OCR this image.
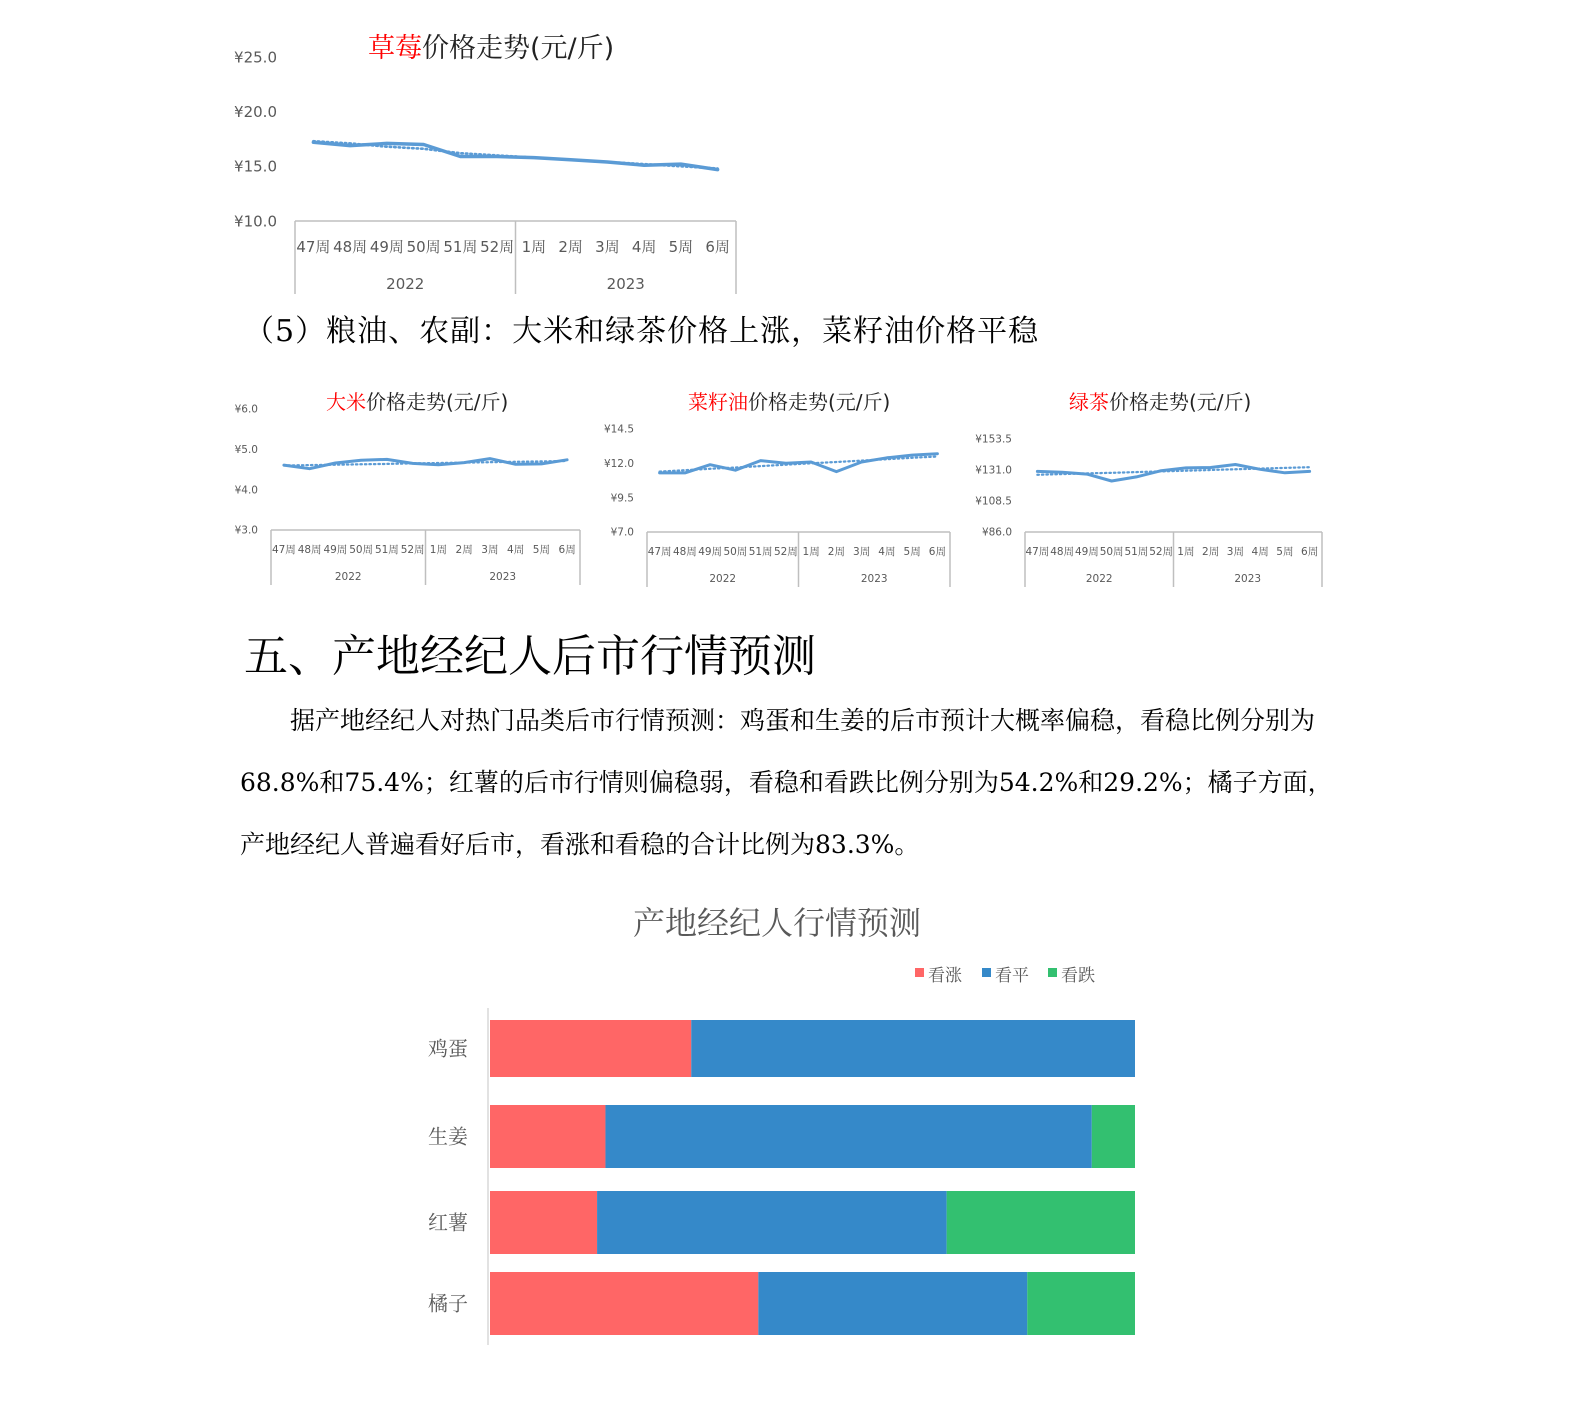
草莓价格走势(元/斤)
¥25.0
¥20.0
¥15.0
¥10.0
2022	2023
47周 48周 49周 50周 51周 52周 1周 2周 3周 4周 5周 6周
（5）粮油、农副：大米和绿茶价格上涨，菜籽油价格平稳
大米价格走势(元/斤)
¥6.0
¥5.0
¥4.0
¥3.0
2022	2023
47周 48周 49周 50周 51周 52周 1周 2周 3周 4周 5周 6周
菜籽油价格走势(元/斤)
¥14.5
¥12.0
¥9.5
¥7.0
2022	2023
47周 48周 49周 50周 51周 52周 1周 2周 3周 4周 5周 6周
绿茶价格走势(元/斤)
¥153.5
¥131.0
¥108.5
¥86.0
2022	2023
47周 48周 49周 50周 51周 52周 1周 2周 3周 4周 5周 6周
五、产地经纪人后市行情预测

据产地经纪人对热门品类后市行情预测：鸡蛋和生姜的后市预计大概率偏稳，看稳比例分别为68.8%和75.4%；红薯的后市行情则偏稳弱，看稳和看跌比例分别为54.2%和29.2%；橘子方面，产地经纪人普遍看好后市，看涨和看稳的合计比例为83.3%。

产地经纪人行情预测
看涨 看平 看跌
鸡蛋
生姜
红薯
橘子
